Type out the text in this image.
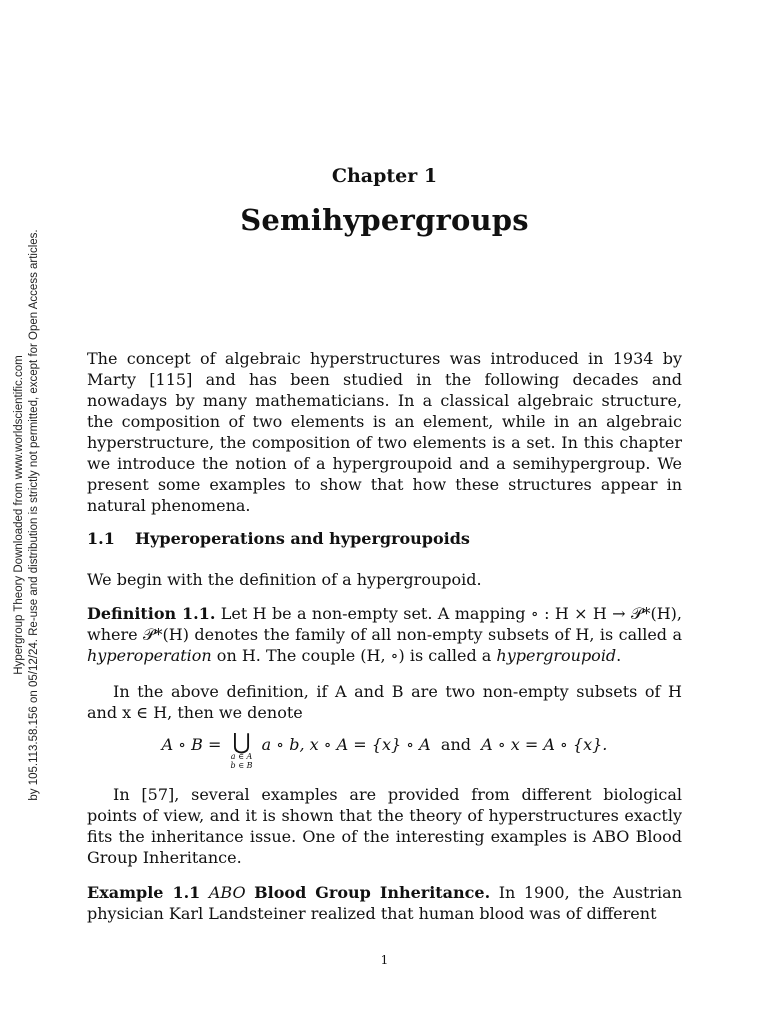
Hypergroup Theory Downloaded from www.worldscientific.com by 105.113.58.156 on 05/12/24. Re-use and distribution is strictly not permitted, except for Open Access articles.
Chapter 1
Semihypergroups

The concept of algebraic hyperstructures was introduced in 1934 by Marty [115] and has been studied in the following decades and nowadays by many mathematicians. In a classical algebraic structure, the composition of two elements is an element, while in an algebraic hyperstructure, the composition of two elements is a set. In this chapter we introduce the notion of a hypergroupoid and a semihypergroup. We present some examples to show that how these structures appear in natural phenomena.

1.1 Hyperoperations and hypergroupoids

We begin with the definition of a hypergroupoid.

Definition 1.1. Let H be a non-empty set. A mapping ∘ : H × H → 𝒫*(H), where 𝒫*(H) denotes the family of all non-empty subsets of H, is called a hyperoperation on H. The couple (H, ∘) is called a hypergroupoid.

In the above definition, if A and B are two non-empty subsets of H and x ∈ H, then we denote

A ∘ B = ⋃
a ∈ A
b ∈ B
a ∘ b, x ∘ A = {x} ∘ A and A ∘ x = A ∘ {x}.

In [57], several examples are provided from different biological points of view, and it is shown that the theory of hyperstructures exactly fits the inheritance issue. One of the interesting examples is ABO Blood Group Inheritance.

Example 1.1 ABO Blood Group Inheritance. In 1900, the Austrian physician Karl Landsteiner realized that human blood was of different

1
